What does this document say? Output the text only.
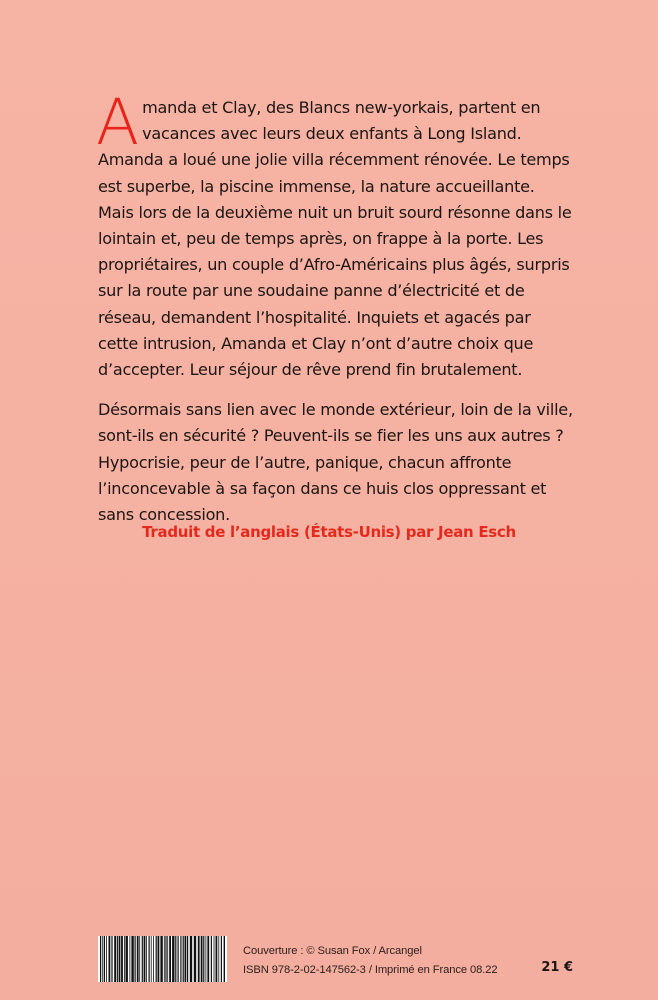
Amanda et Clay, des Blancs new-yorkais, partent en vacances avec leurs deux enfants à Long Island. Amanda a loué une jolie villa récemment rénovée. Le temps est superbe, la piscine immense, la nature accueillante. Mais lors de la deuxième nuit un bruit sourd résonne dans le lointain et, peu de temps après, on frappe à la porte. Les propriétaires, un couple d’Afro-Américains plus âgés, surpris sur la route par une soudaine panne d’électricité et de réseau, demandent l’hospitalité. Inquiets et agacés par cette intrusion, Amanda et Clay n’ont d’autre choix que d’accepter. Leur séjour de rêve prend fin brutalement.

Désormais sans lien avec le monde extérieur, loin de la ville, sont-ils en sécurité ? Peuvent-ils se fier les uns aux autres ? Hypocrisie, peur de l’autre, panique, chacun affronte l’inconcevable à sa façon dans ce huis clos oppressant et sans concession.

Traduit de l’anglais (États-Unis) par Jean Esch
Couverture : © Susan Fox / Arcangel
ISBN 978-2-02-147562-3 / Imprimé en France 08.22	21 €
